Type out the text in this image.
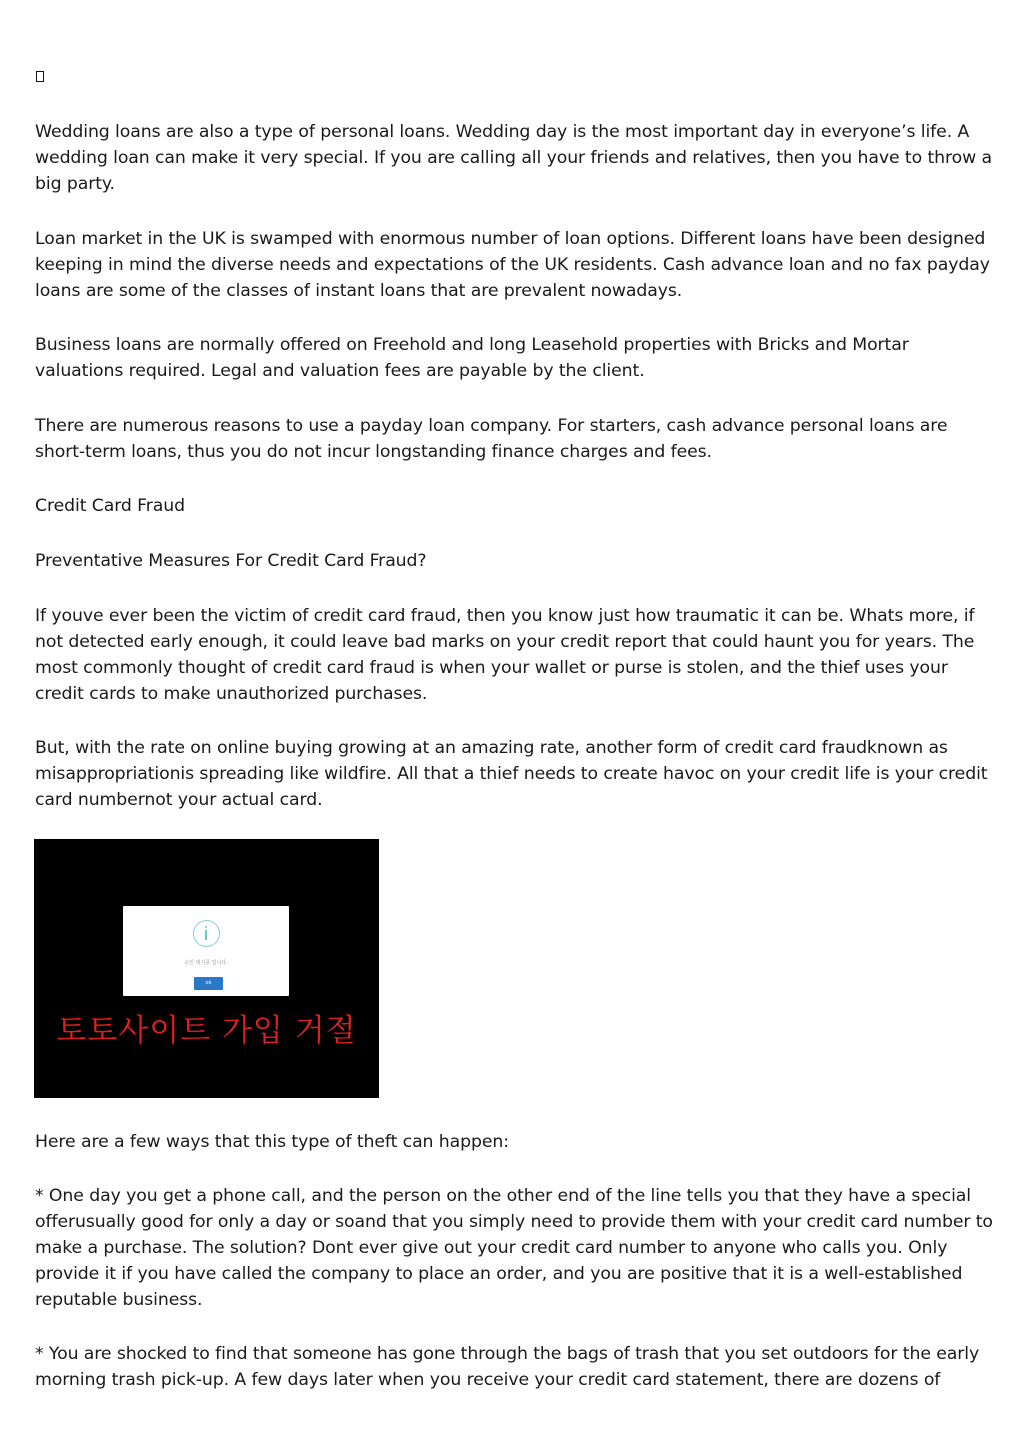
Wedding loans are also a type of personal loans. Wedding day is the most important day in everyone’s life. A wedding loan can make it very special. If you are calling all your friends and relatives, then you have to throw a big party.

Loan market in the UK is swamped with enormous number of loan options. Different loans have been designed keeping in mind the diverse needs and expectations of the UK residents. Cash advance loan and no fax payday loans are some of the classes of instant loans that are prevalent nowadays.

Business loans are normally offered on Freehold and long Leasehold properties with Bricks and Mortar valuations required. Legal and valuation fees are payable by the client.

There are numerous reasons to use a payday loan company. For starters, cash advance personal loans are short-term loans, thus you do not incur longstanding finance charges and fees.

Credit Card Fraud

Preventative Measures For Credit Card Fraud?

If youve ever been the victim of credit card fraud, then you know just how traumatic it can be. Whats more, if not detected early enough, it could leave bad marks on your credit report that could haunt you for years. The most commonly thought of credit card fraud is when your wallet or purse is stolen, and the thief uses your credit cards to make unauthorized purchases.

But, with the rate on online buying growing at an amazing rate, another form of credit card fraudknown as misappropriationis spreading like wildfire. All that a thief needs to create havoc on your credit life is your credit card numbernot your actual card.

승인 대기중 입니다.
ok
토토사이트 가입 거절

Here are a few ways that this type of theft can happen:

* One day you get a phone call, and the person on the other end of the line tells you that they have a special offerusually good for only a day or soand that you simply need to provide them with your credit card number to make a purchase. The solution? Dont ever give out your credit card number to anyone who calls you. Only provide it if you have called the company to place an order, and you are positive that it is a well-established reputable business.

* You are shocked to find that someone has gone through the bags of trash that you set outdoors for the early morning trash pick-up. A few days later when you receive your credit card statement, there are dozens of
